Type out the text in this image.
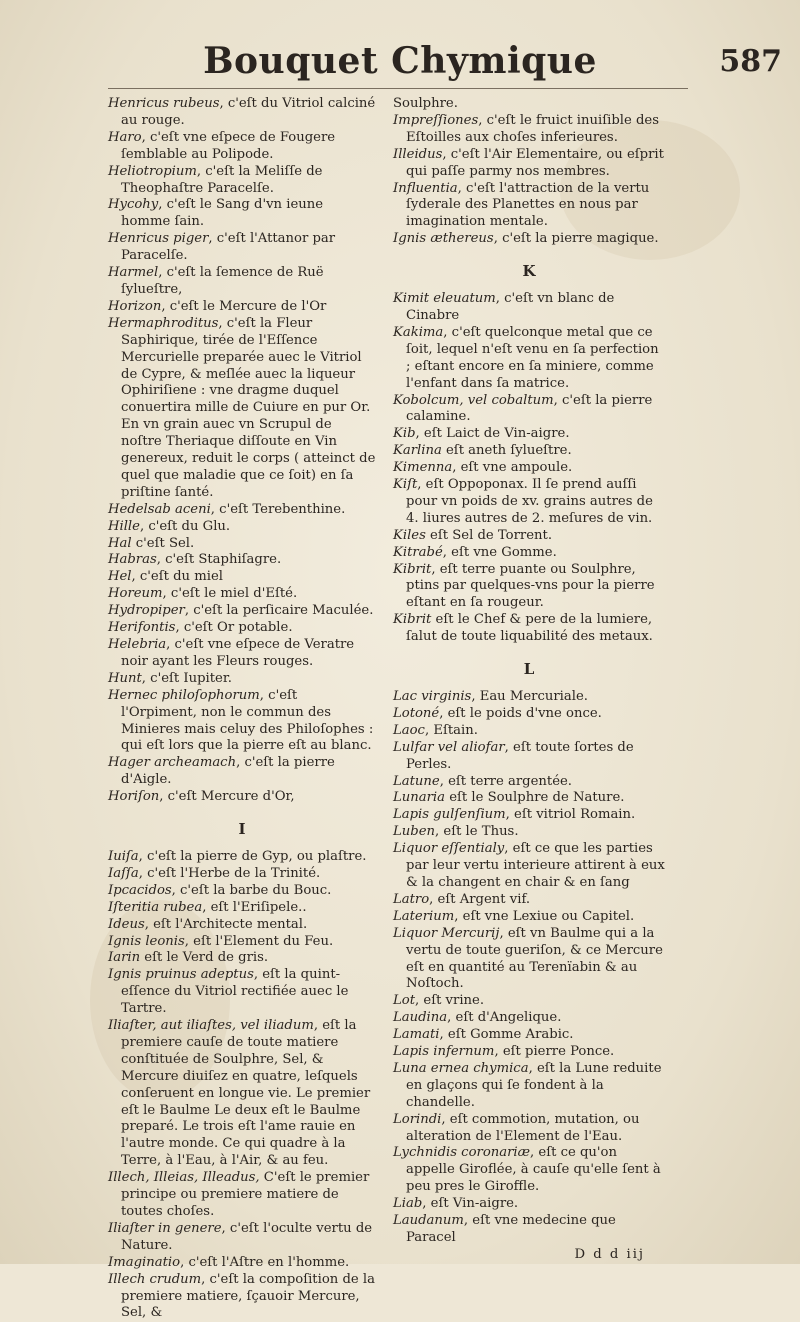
Bouquet Chymique	587

Henricus rubeus, c'eſt du Vitriol calciné au rouge.

Haro, c'eſt vne eſpece de Fougere ſemblable au Polipode.

Heliotropium, c'eſt la Meliſſe de Theophaſtre Paracelſe.

Hycohy, c'eſt le Sang d'vn ieune homme ſain.

Henricus piger, c'eſt l'Attanor par Paracelſe.

Harmel, c'eſt la ſemence de Ruë ſylueſtre,

Horizon, c'eſt le Mercure de l'Or

Hermaphroditus, c'eſt la Fleur Saphirique, tirée de l'Eſſence Mercurielle preparée auec le Vitriol de Cypre, & meſlée auec la liqueur Ophiriſiene : vne dragme duquel conuertira mille de Cuiure en pur Or. En vn grain auec vn Scrupul de noſtre Theriaque diſſoute en Vin genereux, reduit le corps ( atteinct de quel que maladie que ce ſoit) en ſa priſtine ſanté.

Hedelsab aceni, c'eſt Terebenthine.

Hille, c'eſt du Glu.

Hal c'eſt Sel.

Habras, c'eſt Staphiſagre.

Hel, c'eſt du miel

Horeum, c'eſt le miel d'Eſté.

Hydropiper, c'eſt la perſicaire Maculée.

Herifontis, c'eſt Or potable.

Helebria, c'eſt vne eſpece de Veratre noir ayant les Fleurs rouges.

Hunt, c'eſt Iupiter.

Hernec philoſophorum, c'eſt l'Orpiment, non le commun des Minieres mais celuy des Philoſophes : qui eſt lors que la pierre eſt au blanc.

Hager archeamach, c'eſt la pierre d'Aigle.

Horiſon, c'eſt Mercure d'Or,

I

Iuiſa, c'eſt la pierre de Gyp, ou plaſtre.

Iaſſa, c'eſt l'Herbe de la Trinité.

Ipcacidos, c'eſt la barbe du Bouc.

Iſteritia rubea, eſt l'Eriſipele..

Ideus, eſt l'Architecte mental.

Ignis leonis, eſt l'Element du Feu.

Iarin eſt le Verd de gris.

Ignis pruinus adeptus, eſt la quint-eſſence du Vitriol rectifiée auec le Tartre.

Iliaſter, aut iliaſtes, vel iliadum, eſt la premiere cauſe de toute matiere conſtituée de Soulphre, Sel, & Mercure diuiſez en quatre, leſquels conſeruent en longue vie. Le premier eſt le Baulme Le deux eſt le Baulme preparé. Le trois eſt l'ame rauie en l'autre monde. Ce qui quadre à la Terre, à l'Eau, à l'Air, & au feu.

Illech, Illeias, Illeadus, C'eſt le premier principe ou premiere matiere de toutes choſes.

Iliaſter in genere, c'eſt l'oculte vertu de Nature.

Imaginatio, c'eſt l'Aſtre en l'homme.

Illech crudum, c'eſt la compoſition de la premiere matiere, ſçauoir Mercure, Sel, &

Soulphre.

Impreſſiones, c'eſt le fruict inuiſible des Eſtoilles aux choſes inferieures.

Illeidus, c'eſt l'Air Elementaire, ou eſprit qui paſſe parmy nos membres.

Influentia, c'eſt l'attraction de la vertu ſyderale des Planettes en nous par imagination mentale.

Ignis æthereus, c'eſt la pierre magique.

K

Kimit eleuatum, c'eſt vn blanc de Cinabre

Kakima, c'eſt quelconque metal que ce ſoit, lequel n'eſt venu en ſa perfection ; eſtant encore en ſa miniere, comme l'enfant dans ſa matrice.

Kobolcum, vel cobaltum, c'eſt la pierre calamine.

Kib, eſt Laict de Vin-aigre.

Karlina eſt aneth ſylueſtre.

Kimenna, eſt vne ampoule.

Kiſt, eſt Oppoponax. Il ſe prend auſſi pour vn poids de xv. grains autres de 4. liures autres de 2. meſures de vin.

Kiles eſt Sel de Torrent.

Kitrabé, eſt vne Gomme.

Kibrit, eſt terre puante ou Soulphre, ptins par quelques-vns pour la pierre eſtant en ſa rougeur.

Kibrit eſt le Chef & pere de la lumiere, ſalut de toute liquabilité des metaux.

L

Lac virginis, Eau Mercuriale.

Lotoné, eſt le poids d'vne once.

Laoc, Eſtain.

Lulfar vel aliofar, eſt toute ſortes de Perles.

Latune, eſt terre argentée.

Lunaria eſt le Soulphre de Nature.

Lapis gulſenſium, eſt vitriol Romain.

Luben, eſt le Thus.

Liquor eſſentialy, eſt ce que les parties par leur vertu interieure attirent à eux & la changent en chair & en ſang

Latro, eſt Argent vif.

Laterium, eſt vne Lexiue ou Capitel.

Liquor Mercurij, eſt vn Baulme qui a la vertu de toute gueriſon, & ce Mercure eſt en quantité au Terenïabin & au Noſtoch.

Lot, eſt vrine.

Laudina, eſt d'Angelique.

Lamati, eſt Gomme Arabic.

Lapis infernum, eſt pierre Ponce.

Luna ernea chymica, eſt la Lune reduite en glaçons qui ſe fondent à la chandelle.

Lorindi, eſt commotion, mutation, ou alteration de l'Element de l'Eau.

Lychnidis coronariæ, eſt ce qu'on appelle Giroflée, à cauſe qu'elle ſent à peu pres le Giroffle.

Liab, eſt Vin-aigre.

Laudanum, eſt vne medecine que Paracel

D d d iij
